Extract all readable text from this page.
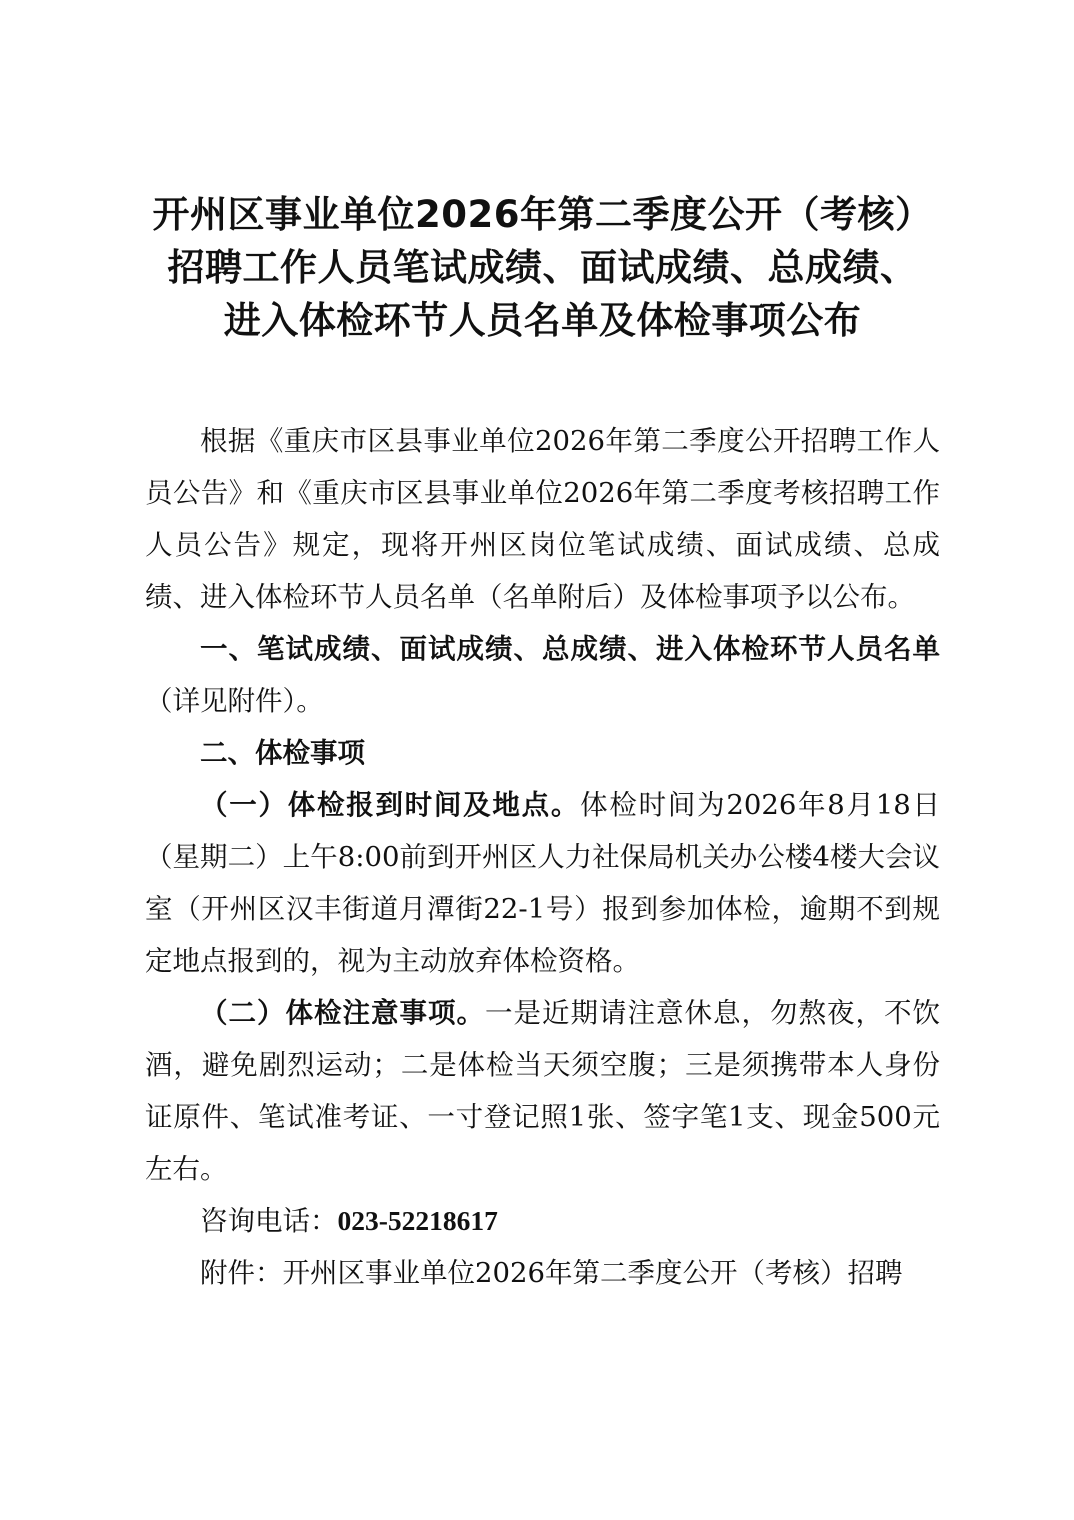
开州区事业单位2026年第二季度公开（考核）
招聘工作人员笔试成绩、面试成绩、总成绩、
进入体检环节人员名单及体检事项公布

根据《重庆市区县事业单位2026年第二季度公开招聘工作人员公告》和《重庆市区县事业单位2026年第二季度考核招聘工作人员公告》规定，现将开州区岗位笔试成绩、面试成绩、总成绩、进入体检环节人员名单（名单附后）及体检事项予以公布。

一、笔试成绩、面试成绩、总成绩、进入体检环节人员名单（详见附件）。

二、体检事项

（一）体检报到时间及地点。体检时间为2026年8月18日（星期二）上午8:00前到开州区人力社保局机关办公楼4楼大会议室（开州区汉丰街道月潭街22-1号）报到参加体检，逾期不到规定地点报到的，视为主动放弃体检资格。

（二）体检注意事项。一是近期请注意休息，勿熬夜，不饮酒，避免剧烈运动；二是体检当天须空腹；三是须携带本人身份证原件、笔试准考证、一寸登记照1张、签字笔1支、现金500元左右。

咨询电话：023-52218617

附件：开州区事业单位2026年第二季度公开（考核）招聘
